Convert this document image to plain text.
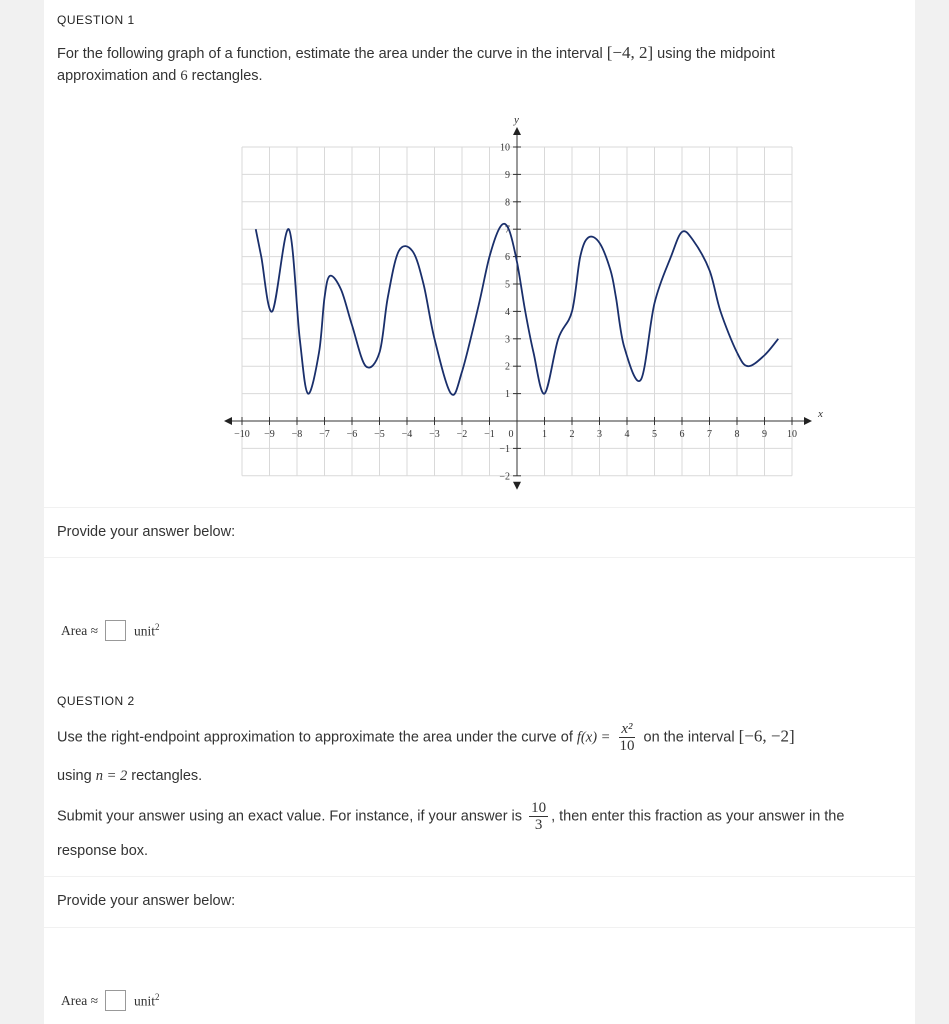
QUESTION 1
For the following graph of a function, estimate the area under the curve in the interval [−4, 2] using the midpoint
approximation and 6 rectangles.
x
y
−10 −9 −8 −7 −6 −5 −4 −3 −2 −1 0	1 2 3 4 5 6 7 8 9 10
10
9
8
7
6
5
4
3
2
1
−1
−2
Provide your answer below:
Area ≈	unit$^2$
QUESTION 2
Use the right-endpoint approximation to approximate the area under the curve of $f(x) = \frac{\text{x²}}{10}$ on the interval [−6, −2]
using n = 2 rectangles.
Submit your answer using an exact value. For instance, if your answer is $\frac{10}{3}$ , then enter this fraction as your answer in the
response box.
Provide your answer below:
Area ≈	unit$^2$
